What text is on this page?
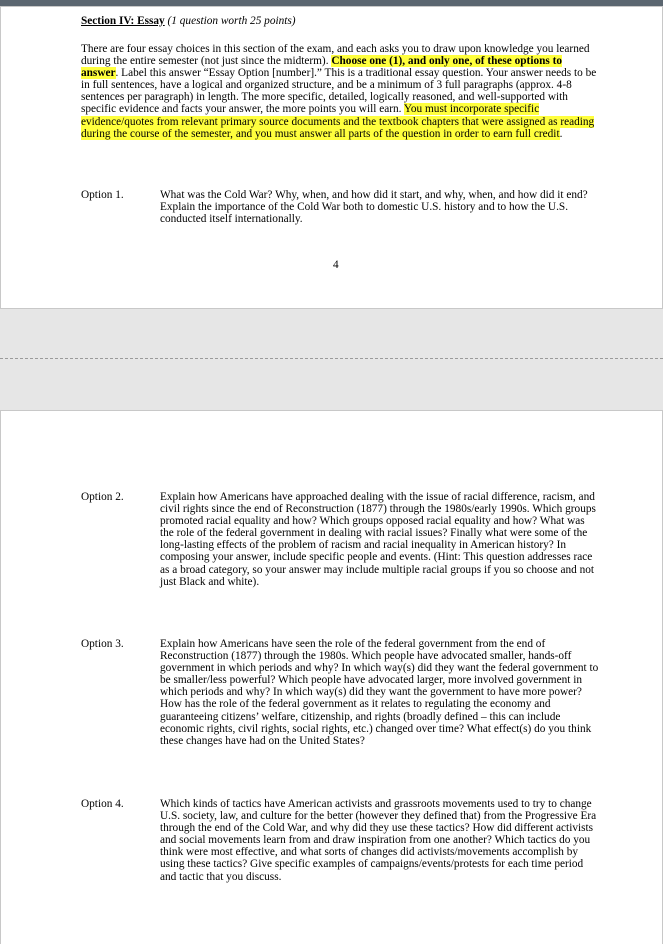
Section IV: Essay (1 question worth 25 points)

There are four essay choices in this section of the exam, and each asks you to draw upon knowledge you learned during the entire semester (not just since the midterm). Choose one (1), and only one, of these options to answer. Label this answer “Essay Option [number].” This is a traditional essay question. Your answer needs to be in full sentences, have a logical and organized structure, and be a minimum of 3 full paragraphs (approx. 4-8 sentences per paragraph) in length. The more specific, detailed, logically reasoned, and well-supported with specific evidence and facts your answer, the more points you will earn. You must incorporate specific evidence/quotes from relevant primary source documents and the textbook chapters that were assigned as reading during the course of the semester, and you must answer all parts of the question in order to earn full credit.

Option 1.	What was the Cold War? Why, when, and how did it start, and why, when, and how did it end? Explain the importance of the Cold War both to domestic U.S. history and to how the U.S. conducted itself internationally.
4
Option 2.	Explain how Americans have approached dealing with the issue of racial difference, racism, and civil rights since the end of Reconstruction (1877) through the 1980s/early 1990s. Which groups promoted racial equality and how? Which groups opposed racial equality and how? What was the role of the federal government in dealing with racial issues? Finally what were some of the long-lasting effects of the problem of racism and racial inequality in American history? In composing your answer, include specific people and events. (Hint: This question addresses race as a broad category, so your answer may include multiple racial groups if you so choose and not just Black and white).
Option 3.	Explain how Americans have seen the role of the federal government from the end of Reconstruction (1877) through the 1980s. Which people have advocated smaller, hands-off government in which periods and why? In which way(s) did they want the federal government to be smaller/less powerful? Which people have advocated larger, more involved government in which periods and why? In which way(s) did they want the government to have more power? How has the role of the federal government as it relates to regulating the economy and guaranteeing citizens’ welfare, citizenship, and rights (broadly defined – this can include economic rights, civil rights, social rights, etc.) changed over time? What effect(s) do you think these changes have had on the United States?
Option 4.	Which kinds of tactics have American activists and grassroots movements used to try to change U.S. society, law, and culture for the better (however they defined that) from the Progressive Era through the end of the Cold War, and why did they use these tactics? How did different activists and social movements learn from and draw inspiration from one another? Which tactics do you think were most effective, and what sorts of changes did activists/movements accomplish by using these tactics? Give specific examples of campaigns/events/protests for each time period and tactic that you discuss.
